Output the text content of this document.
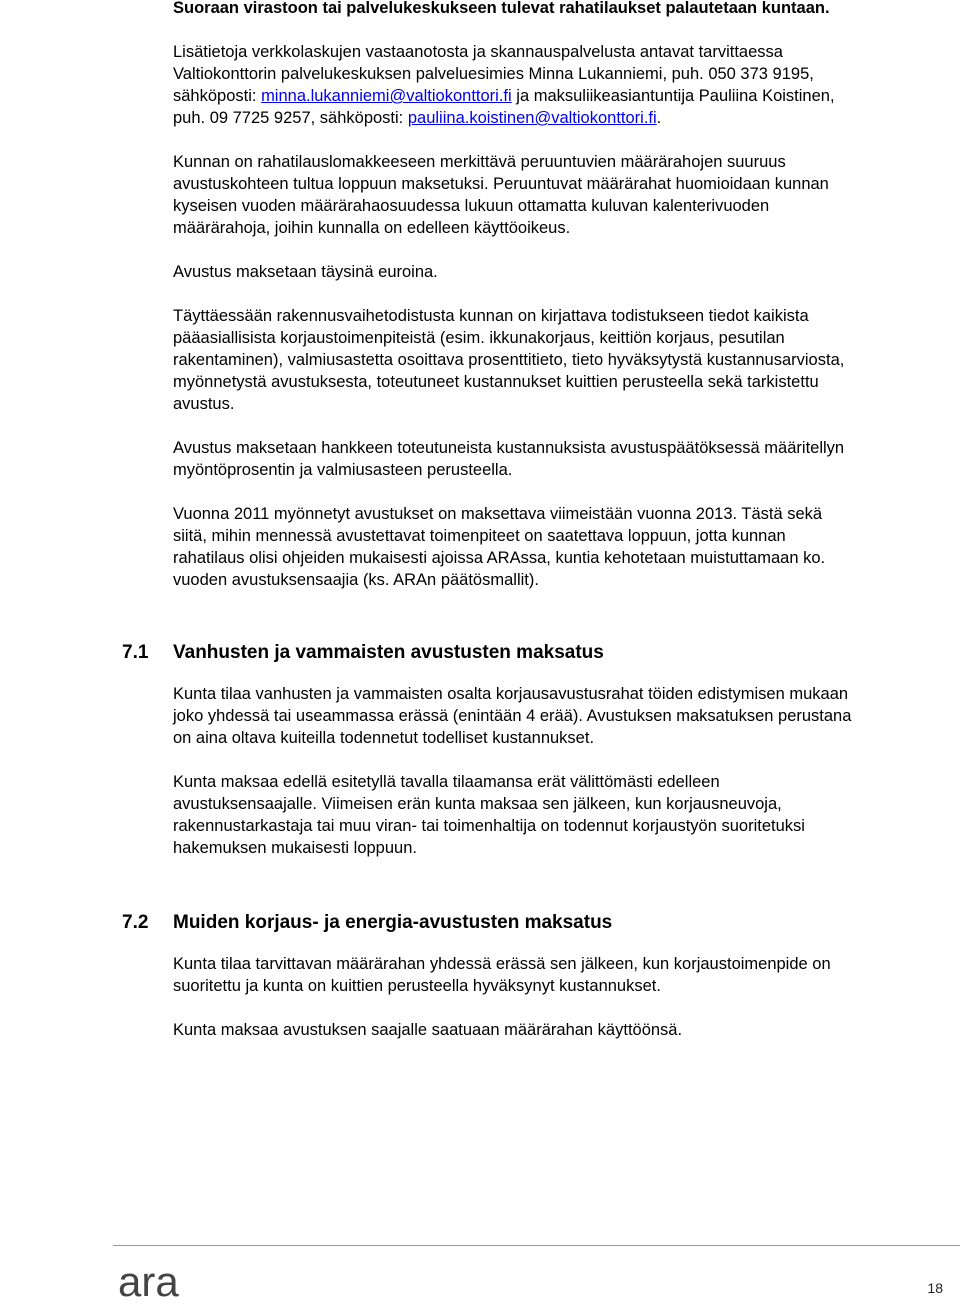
Suoraan virastoon tai palvelukeskukseen tulevat rahatilaukset palautetaan kuntaan.

Lisätietoja verkkolaskujen vastaanotosta ja skannauspalvelusta antavat tarvittaessa Valtiokonttorin palvelukeskuksen palveluesimies Minna Lukanniemi, puh. 050 373 9195, sähköposti: minna.lukanniemi@valtiokonttori.fi ja maksuliikeasiantuntija Pauliina Koistinen, puh. 09 7725 9257, sähköposti: pauliina.koistinen@valtiokonttori.fi.

Kunnan on rahatilauslomakkeeseen merkittävä peruuntuvien määrärahojen suuruus avustuskohteen tultua loppuun maksetuksi. Peruuntuvat määrärahat huomioidaan kunnan kyseisen vuoden määrärahaosuudessa lukuun ottamatta kuluvan kalenterivuoden määrärahoja, joihin kunnalla on edelleen käyttöoikeus.

Avustus maksetaan täysinä euroina.

Täyttäessään rakennusvaihetodistusta kunnan on kirjattava todistukseen tiedot kaikista pääasiallisista korjaustoimenpiteistä (esim. ikkunakorjaus, keittiön korjaus, pesutilan rakentaminen), valmiusastetta osoittava prosenttitieto, tieto hyväksytystä kustannusarviosta, myönnetystä avustuksesta, toteutuneet kustannukset kuittien perusteella sekä tarkistettu avustus.

Avustus maksetaan hankkeen toteutuneista kustannuksista avustuspäätöksessä määritellyn myöntöprosentin ja valmiusasteen perusteella.

Vuonna 2011 myönnetyt avustukset on maksettava viimeistään vuonna 2013. Tästä sekä siitä, mihin mennessä avustettavat toimenpiteet on saatettava loppuun, jotta kunnan rahatilaus olisi ohjeiden mukaisesti ajoissa ARAssa, kuntia kehotetaan muistuttamaan ko. vuoden avustuksensaajia (ks. ARAn päätösmallit).

7.1 Vanhusten ja vammaisten avustusten maksatus

Kunta tilaa vanhusten ja vammaisten osalta korjausavustusrahat töiden edistymisen mukaan joko yhdessä tai useammassa erässä (enintään 4 erää). Avustuksen maksatuksen perustana on aina oltava kuiteilla todennetut todelliset kustannukset.

Kunta maksaa edellä esitetyllä tavalla tilaamansa erät välittömästi edelleen avustuksensaajalle. Viimeisen erän kunta maksaa sen jälkeen, kun korjausneuvoja, rakennustarkastaja tai muu viran- tai toimenhaltija on todennut korjaustyön suoritetuksi hakemuksen mukaisesti loppuun.

7.2 Muiden korjaus- ja energia-avustusten maksatus

Kunta tilaa tarvittavan määrärahan yhdessä erässä sen jälkeen, kun korjaustoimenpide on suoritettu ja kunta on kuittien perusteella hyväksynyt kustannukset.

Kunta maksaa avustuksen saajalle saatuaan määrärahan käyttöönsä.

ara	18
